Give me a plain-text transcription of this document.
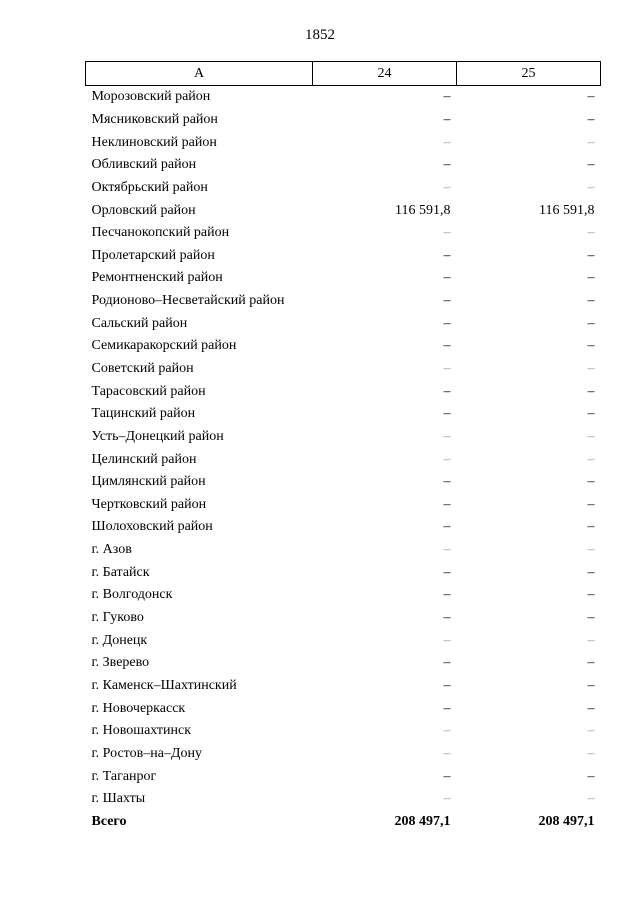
1852
А	24	25
Морозовский район	–	–
Мясниковский район	–	–
Неклиновский район	–	–
Обливский район	–	–
Октябрьский район	–	–
Орловский район	116 591,8	116 591,8
Песчанокопский район	–	–
Пролетарский район	–	–
Ремонтненский район	–	–
Родионово–Несветайский район	–	–
Сальский район	–	–
Семикаракорский район	–	–
Советский район	–	–
Тарасовский район	–	–
Тацинский район	–	–
Усть–Донецкий район	–	–
Целинский район	–	–
Цимлянский район	–	–
Чертковский район	–	–
Шолоховский район	–	–
г. Азов	–	–
г. Батайск	–	–
г. Волгодонск	–	–
г. Гуково	–	–
г. Донецк	–	–
г. Зверево	–	–
г. Каменск–Шахтинский	–	–
г. Новочеркасск	–	–
г. Новошахтинск	–	–
г. Ростов–на–Дону	–	–
г. Таганрог	–	–
г. Шахты	–	–
Всего	208 497,1	208 497,1
